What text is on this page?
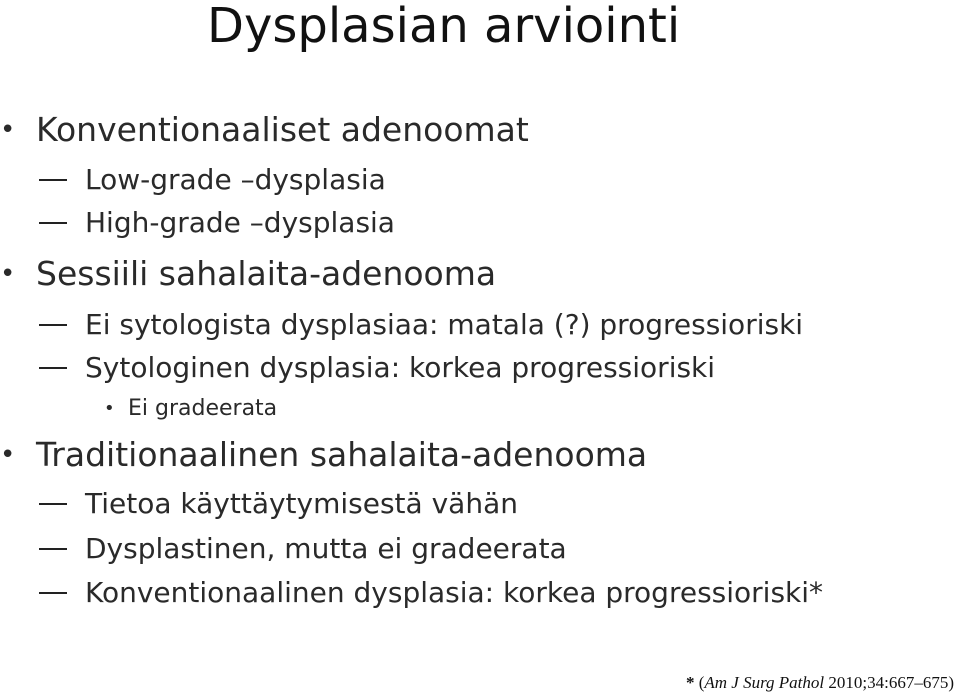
Dysplasian arviointi
• Konventionaaliset adenoomat
Low-grade –dysplasia
High-grade –dysplasia
• Sessiili sahalaita-adenooma
Ei sytologista dysplasiaa: matala (?) progressioriski
Sytologinen dysplasia: korkea progressioriski
• Ei gradeerata
• Traditionaalinen sahalaita-adenooma
Tietoa käyttäytymisestä vähän
Dysplastinen, mutta ei gradeerata
Konventionaalinen dysplasia: korkea progressioriski*
* (Am J Surg Pathol 2010;34:667–675)
